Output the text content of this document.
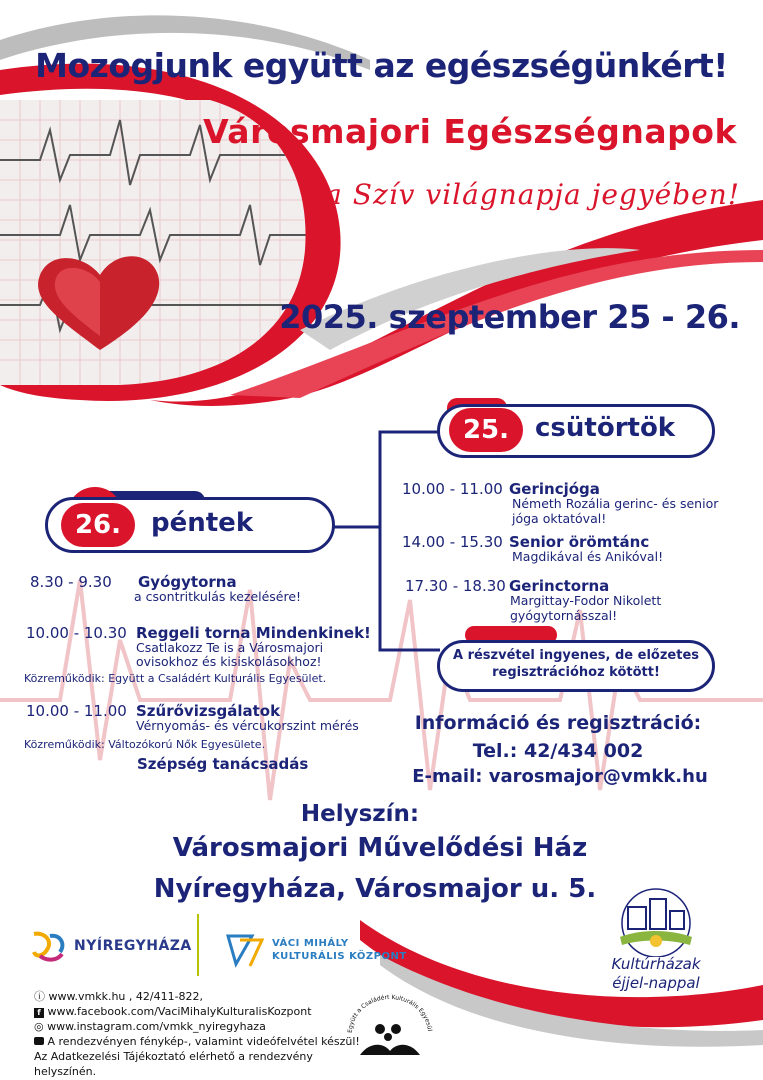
Mozogjunk együtt az egészségünkért!
Városmajori Egészségnapok
a Szív világnapja jegyében!
2025. szeptember 25 - 26.
25. csütörtök
26.	péntek
10.00 - 11.00 Gerincjóga
Németh Rozália gerinc- és senior
jóga oktatóval!
14.00 - 15.30 Senior örömtánc
Magdikával és Anikóval!
17.30 - 18.30 Gerinctorna
Margittay-Fodor Nikolett
gyógytornásszal!
A részvétel ingyenes, de előzetes
regisztrációhoz kötött!
8.30 - 9.30 Gyógytorna
a csontritkulás kezelésére!
10.00 - 10.30 Reggeli torna Mindenkinek!
Csatlakozz Te is a Városmajori
ovisokhoz és kisiskolásokhoz!
Közreműködik: Együtt a Családért Kulturális Egyesület.
10.00 - 11.00 Szűrővizsgálatok
Vérnyomás- és vércukorszint mérés
Közreműködik: Változókorú Nők Egyesülete.
Szépség tanácsadás
Információ és regisztráció:
Tel.: 42/434 002
E-mail: varosmajor@vmkk.hu
Helyszín:
Városmajori Művelődési Ház
Nyíregyháza, Városmajor u. 5.
NYÍREGYHÁZA	VÁCI MIHÁLY
KULTURÁLIS KÖZPONT	Kultúrházak
éjjel-nappal
Együtt a Családért Kulturális Egyesül
ⓘ www.vmkk.hu , 42/411-822,
f www.facebook.com/VaciMihalyKulturalisKozpont
◎ www.instagram.com/vmkk_nyiregyhaza
A rendezvényen fénykép-, valamint videófelvétel készül!
Az Adatkezelési Tájékoztató elérhető a rendezvény helyszínén.
